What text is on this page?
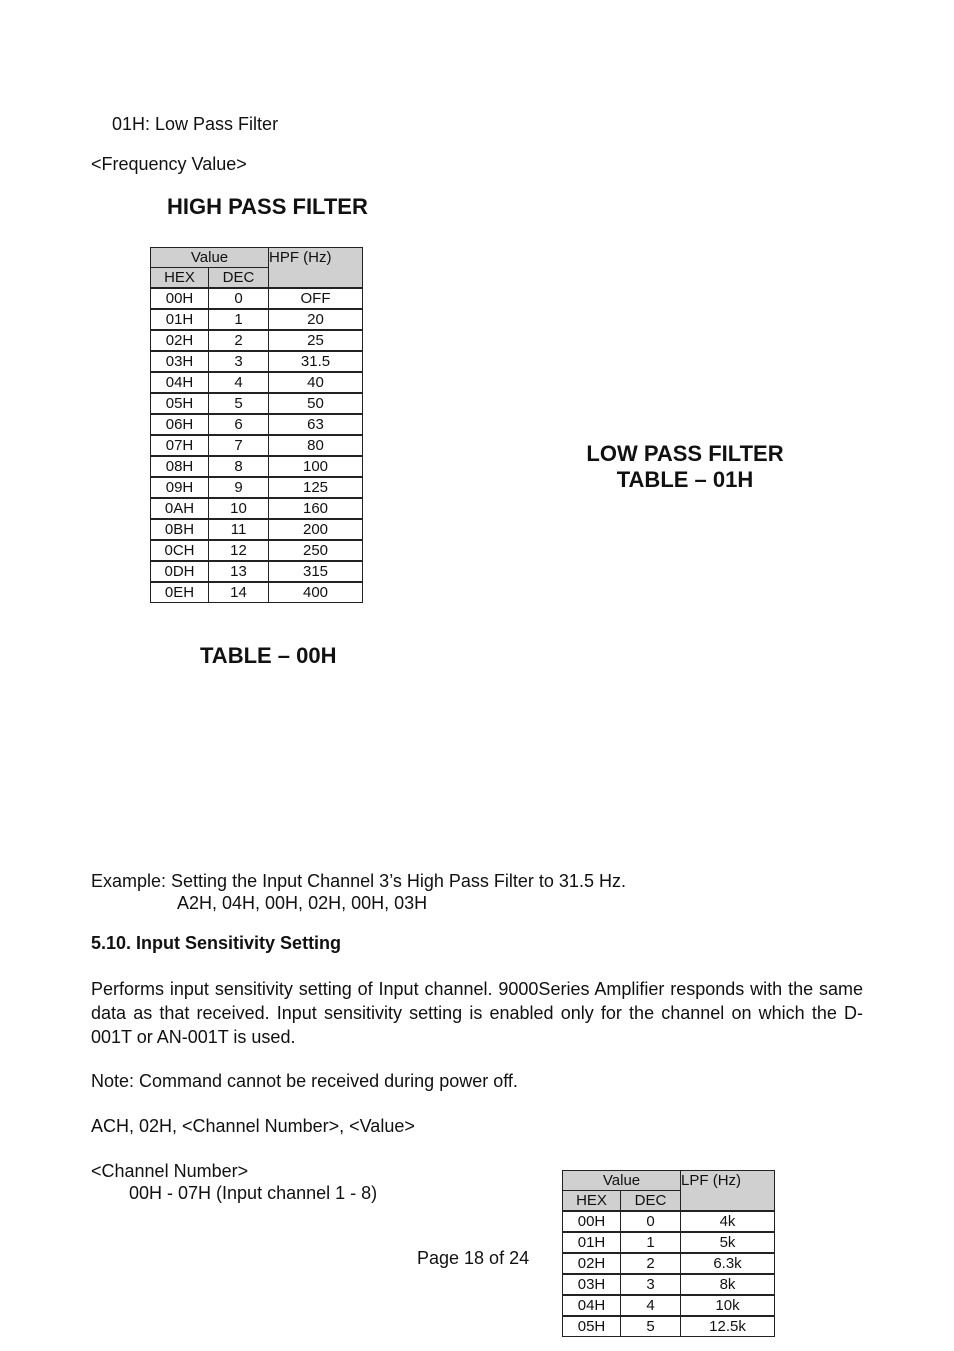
01H: Low Pass Filter
<Frequency Value>
HIGH PASS FILTER
Value		HPF (Hz)
HEX	DEC	
00H	0	OFF
01H	1	20
02H	2	25
03H	3	31.5
04H	4	40
05H	5	50
06H	6	63
07H	7	80
08H	8	100
09H	9	125
0AH	10	160
0BH	11	200
0CH	12	250
0DH	13	315
0EH	14	400
TABLE – 00H
LOW PASS FILTER
TABLE – 01H
Example: Setting the Input Channel 3’s High Pass Filter to 31.5 Hz.
A2H, 04H, 00H, 02H, 00H, 03H
5.10. Input Sensitivity Setting
Performs input sensitivity setting of Input channel. 9000Series Amplifier responds with the same data as that received. Input sensitivity setting is enabled only for the channel on which the D-001T or AN-001T is used.
Note: Command cannot be received during power off.
ACH, 02H, <Channel Number>, <Value>
<Channel Number>
00H - 07H (Input channel 1 - 8)
Value		LPF (Hz)
HEX	DEC	
00H	0	4k
01H	1	5k
02H	2	6.3k
03H	3	8k
04H	4	10k
05H	5	12.5k
Page 18 of 24
